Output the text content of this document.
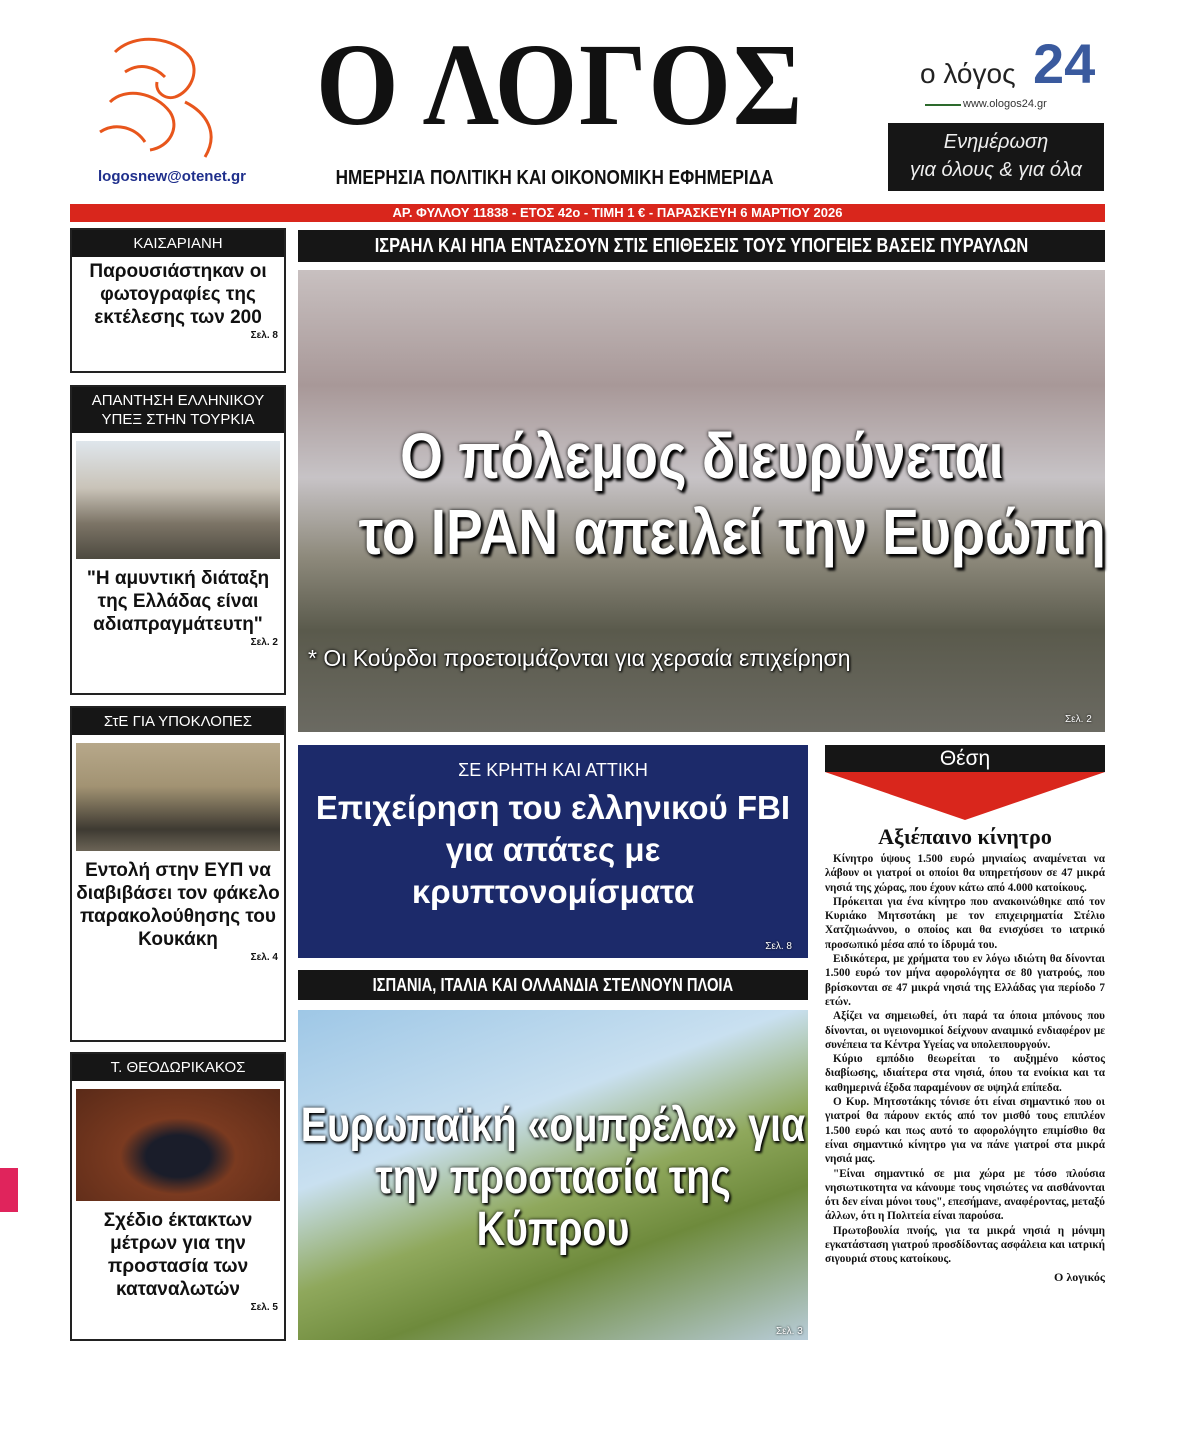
logosnew@otenet.gr
Ο ΛΟΓΟΣ
ΗΜΕΡΗΣΙΑ ΠΟΛΙΤΙΚΗ ΚΑΙ ΟΙΚΟΝΟΜΙΚΗ ΕΦΗΜΕΡΙΔΑ
ο λόγος 24
www.ologos24.gr
Ενημέρωση
για όλους & για όλα
ΑΡ. ΦΥΛΛΟΥ 11838 - ΕΤΟΣ 42ο - ΤΙΜΗ 1 € - ΠΑΡΑΣΚΕΥΗ 6 ΜΑΡΤΙΟΥ 2026
ΚΑΙΣΑΡΙΑΝΗ
Παρουσιάστηκαν οι φωτογραφίες της εκτέλεσης των 200
Σελ. 8
ΑΠΑΝΤΗΣΗ ΕΛΛΗΝΙΚΟΥ ΥΠΕΞ ΣΤΗΝ ΤΟΥΡΚΙΑ
"Η αμυντική διάταξη της Ελλάδας είναι αδιαπραγμάτευτη"
Σελ. 2
ΣτΕ ΓΙΑ ΥΠΟΚΛΟΠΕΣ
Εντολή στην ΕΥΠ να διαβιβάσει τον φάκελο παρακολούθησης του Κουκάκη
Σελ. 4
Τ. ΘΕΟΔΩΡΙΚΑΚΟΣ
Σχέδιο έκτακτων μέτρων για την προστασία των καταναλωτών
Σελ. 5
ΙΣΡΑΗΛ ΚΑΙ ΗΠΑ ΕΝΤΑΣΣΟΥΝ ΣΤΙΣ ΕΠΙΘΕΣΕΙΣ ΤΟΥΣ ΥΠΟΓΕΙΕΣ ΒΑΣΕΙΣ ΠΥΡΑΥΛΩΝ
Ο πόλεμος διευρύνεται
το ΙΡΑΝ απειλεί την Ευρώπη
* Οι Κούρδοι προετοιμάζονται για χερσαία επιχείρηση
Σελ. 2
ΣΕ ΚΡΗΤΗ ΚΑΙ ΑΤΤΙΚΗ
Επιχείρηση του ελληνικού FBI για απάτες με κρυπτονομίσματα
Σελ. 8
ΙΣΠΑΝΙΑ, ΙΤΑΛΙΑ ΚΑΙ ΟΛΛΑΝΔΙΑ ΣΤΕΛΝΟΥΝ ΠΛΟΙΑ
Ευρωπαϊκή «ομπρέλα» για την προστασία της Κύπρου
Σελ. 3
Θέση
Αξιέπαινο κίνητρο

Κίνητρο ύψους 1.500 ευρώ μηνιαίως αναμένεται να λάβουν οι γιατροί οι οποίοι θα υπηρετήσουν σε 47 μικρά νησιά της χώρας, που έχουν κάτω από 4.000 κατοίκους.

Πρόκειται για ένα κίνητρο που ανακοινώθηκε από τον Κυριάκο Μητσοτάκη με τον επιχειρηματία Στέλιο Χατζηιωάννου, ο οποίος και θα ενισχύσει το ιατρικό προσωπικό μέσα από το ίδρυμά του.

Ειδικότερα, με χρήματα του εν λόγω ιδιώτη θα δίνονται 1.500 ευρώ τον μήνα αφορολόγητα σε 80 γιατρούς, που βρίσκονται σε 47 μικρά νησιά της Ελλάδας για περίοδο 7 ετών.

Αξίζει να σημειωθεί, ότι παρά τα όποια μπόνους που δίνονται, οι υγειονομικοί δείχνουν αναιμικό ενδιαφέρον με συνέπεια τα Κέντρα Υγείας να υπολειπουργούν.

Κύριο εμπόδιο θεωρείται το αυξημένο κόστος διαβίωσης, ιδιαίτερα στα νησιά, όπου τα ενοίκια και τα καθημερινά έξοδα παραμένουν σε υψηλά επίπεδα.

Ο Κυρ. Μητσοτάκης τόνισε ότι είναι σημαντικό που οι γιατροί θα πάρουν εκτός από τον μισθό τους επιπλέον 1.500 ευρώ και πως αυτό το αφορολόγητο επιμίσθιο θα είναι σημαντικό κίνητρο για να πάνε γιατροί στα μικρά νησιά μας.

"Είναι σημαντικό σε μια χώρα με τόσο πλούσια νησιωτικοτητα να κάνουμε τους νησιώτες να αισθάνονται ότι δεν είναι μόνοι τους", επεσήμανε, αναφέροντας, μεταξύ άλλων, ότι η Πολιτεία είναι παρούσα.

Πρωτοβουλία πνοής, για τα μικρά νησιά η μόνιμη εγκατάσταση γιατρού προσδίδοντας ασφάλεια και ιατρική σιγουριά στους κατοίκους.

Ο λογικός
